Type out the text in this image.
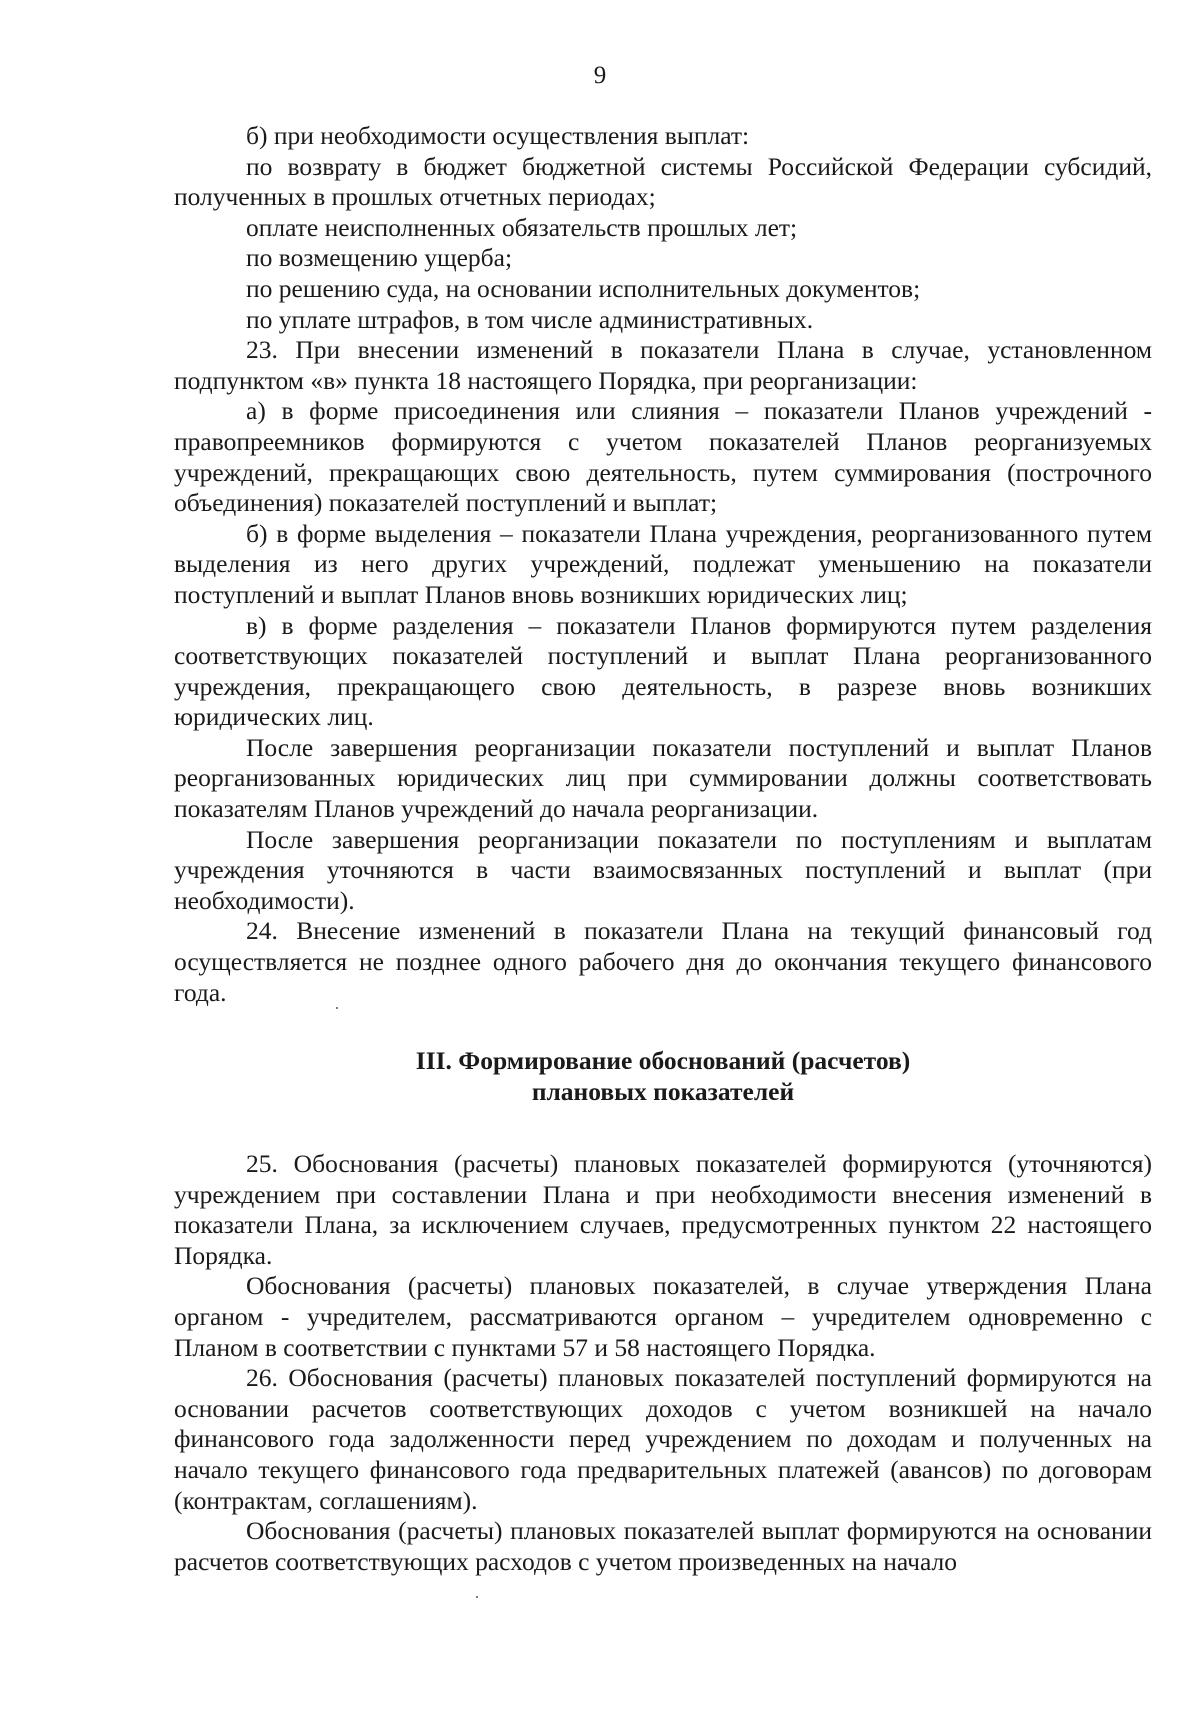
9

б) при необходимости осуществления выплат:

по возврату в бюджет бюджетной системы Российской Федерации субсидий, полученных в прошлых отчетных периодах;

оплате неисполненных обязательств прошлых лет;

по возмещению ущерба;

по решению суда, на основании исполнительных документов;

по уплате штрафов, в том числе административных.

23. При внесении изменений в показатели Плана в случае, установленном подпунктом «в» пункта 18 настоящего Порядка, при реорганизации:

а) в форме присоединения или слияния – показатели Планов учреждений - правопреемников формируются с учетом показателей Планов реорганизуемых учреждений, прекращающих свою деятельность, путем суммирования (построчного объединения) показателей поступлений и выплат;

б) в форме выделения – показатели Плана учреждения, реорганизованного путем выделения из него других учреждений, подлежат уменьшению на показатели поступлений и выплат Планов вновь возникших юридических лиц;

в) в форме разделения – показатели Планов формируются путем разделения соответствующих показателей поступлений и выплат Плана реорганизованного учреждения, прекращающего свою деятельность, в разрезе вновь возникших юридических лиц.

После завершения реорганизации показатели поступлений и выплат Планов реорганизованных юридических лиц при суммировании должны соответствовать показателям Планов учреждений до начала реорганизации.

После завершения реорганизации показатели по поступлениям и выплатам учреждения уточняются в части взаимосвязанных поступлений и выплат (при необходимости).

24. Внесение изменений в показатели Плана на текущий финансовый год осуществляется не позднее одного рабочего дня до окончания текущего финансового года.

III. Формирование обоснований (расчетов)
плановых показателей

25. Обоснования (расчеты) плановых показателей формируются (уточняются) учреждением при составлении Плана и при необходимости внесения изменений в показатели Плана, за исключением случаев, предусмотренных пунктом 22 настоящего Порядка.

Обоснования (расчеты) плановых показателей, в случае утверждения Плана органом - учредителем, рассматриваются органом – учредителем одновременно с Планом в соответствии с пунктами 57 и 58 настоящего Порядка.

26. Обоснования (расчеты) плановых показателей поступлений формируются на основании расчетов соответствующих доходов с учетом возникшей на начало финансового года задолженности перед учреждением по доходам и полученных на начало текущего финансового года предварительных платежей (авансов) по договорам (контрактам, соглашениям).

Обоснования (расчеты) плановых показателей выплат формируются на основании расчетов соответствующих расходов с учетом произведенных на начало
